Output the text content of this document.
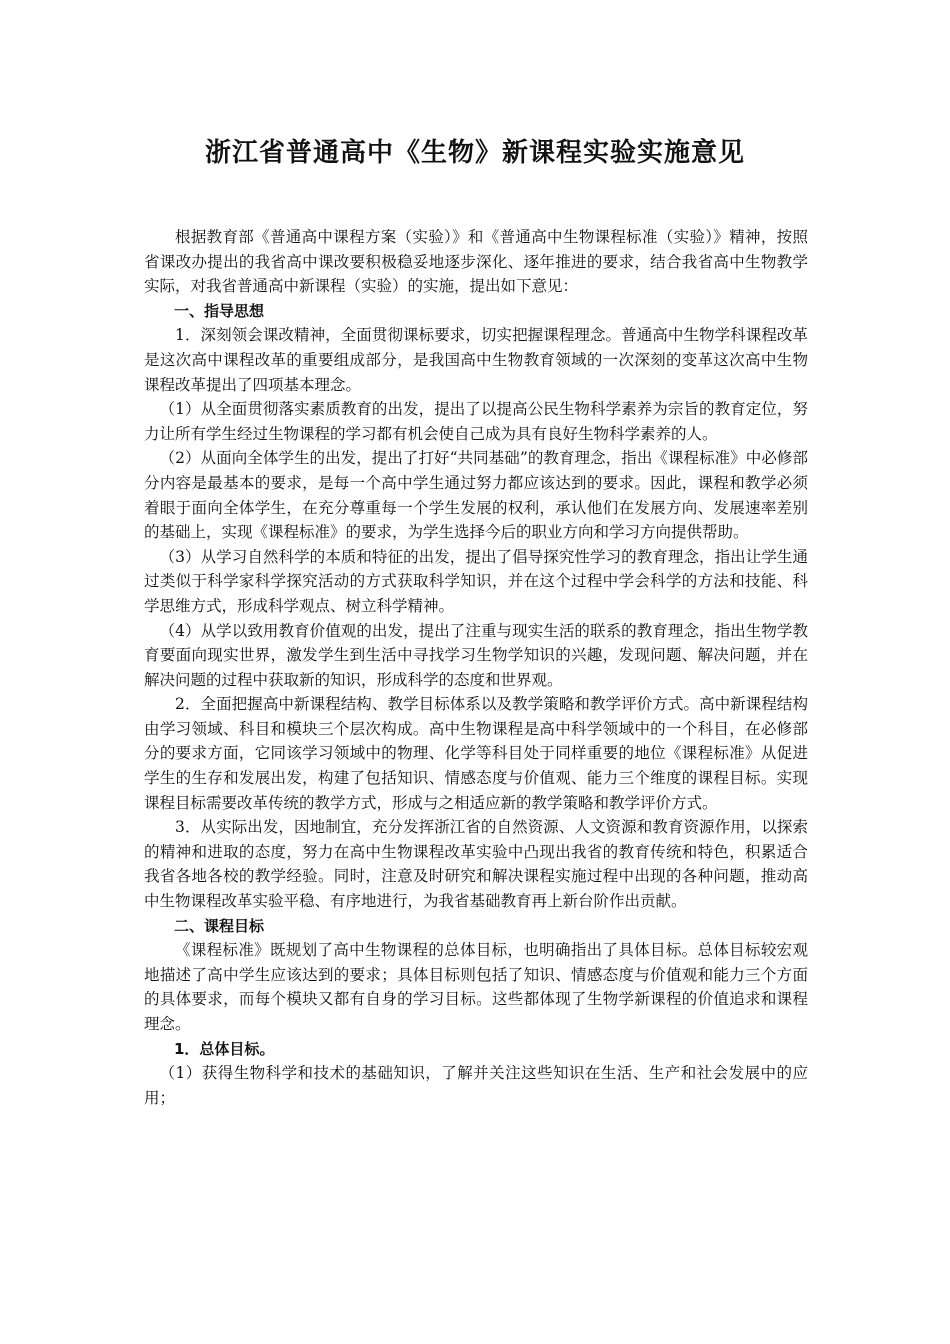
浙江省普通高中《生物》新课程实验实施意见

根据教育部《普通高中课程方案（实验）》和《普通高中生物课程标准（实验）》精神，按照省课改办提出的我省高中课改要积极稳妥地逐步深化、逐年推进的要求，结合我省高中生物教学实际，对我省普通高中新课程（实验）的实施，提出如下意见：

一、指导思想

1．深刻领会课改精神，全面贯彻课标要求，切实把握课程理念。普通高中生物学科课程改革是这次高中课程改革的重要组成部分，是我国高中生物教育领域的一次深刻的变革这次高中生物课程改革提出了四项基本理念。

（1）从全面贯彻落实素质教育的出发，提出了以提高公民生物科学素养为宗旨的教育定位，努力让所有学生经过生物课程的学习都有机会使自己成为具有良好生物科学素养的人。

（2）从面向全体学生的出发，提出了打好“共同基础”的教育理念，指出《课程标准》中必修部分内容是最基本的要求，是每一个高中学生通过努力都应该达到的要求。因此，课程和教学必须着眼于面向全体学生，在充分尊重每一个学生发展的权利，承认他们在发展方向、发展速率差别的基础上，实现《课程标准》的要求，为学生选择今后的职业方向和学习方向提供帮助。

（3）从学习自然科学的本质和特征的出发，提出了倡导探究性学习的教育理念，指出让学生通过类似于科学家科学探究活动的方式获取科学知识，并在这个过程中学会科学的方法和技能、科学思维方式，形成科学观点、树立科学精神。

（4）从学以致用教育价值观的出发，提出了注重与现实生活的联系的教育理念，指出生物学教育要面向现实世界，激发学生到生活中寻找学习生物学知识的兴趣，发现问题、解决问题，并在解决问题的过程中获取新的知识，形成科学的态度和世界观。

2．全面把握高中新课程结构、教学目标体系以及教学策略和教学评价方式。高中新课程结构由学习领域、科目和模块三个层次构成。高中生物课程是高中科学领域中的一个科目，在必修部分的要求方面，它同该学习领域中的物理、化学等科目处于同样重要的地位《课程标准》从促进学生的生存和发展出发，构建了包括知识、情感态度与价值观、能力三个维度的课程目标。实现课程目标需要改革传统的教学方式，形成与之相适应新的教学策略和教学评价方式。

3．从实际出发，因地制宜，充分发挥浙江省的自然资源、人文资源和教育资源作用，以探索的精神和进取的态度，努力在高中生物课程改革实验中凸现出我省的教育传统和特色，积累适合我省各地各校的教学经验。同时，注意及时研究和解决课程实施过程中出现的各种问题，推动高中生物课程改革实验平稳、有序地进行，为我省基础教育再上新台阶作出贡献。

二、课程目标

《课程标准》既规划了高中生物课程的总体目标，也明确指出了具体目标。总体目标较宏观地描述了高中学生应该达到的要求；具体目标则包括了知识、情感态度与价值观和能力三个方面的具体要求，而每个模块又都有自身的学习目标。这些都体现了生物学新课程的价值追求和课程理念。

1．总体目标。

（1）获得生物科学和技术的基础知识，了解并关注这些知识在生活、生产和社会发展中的应用；
